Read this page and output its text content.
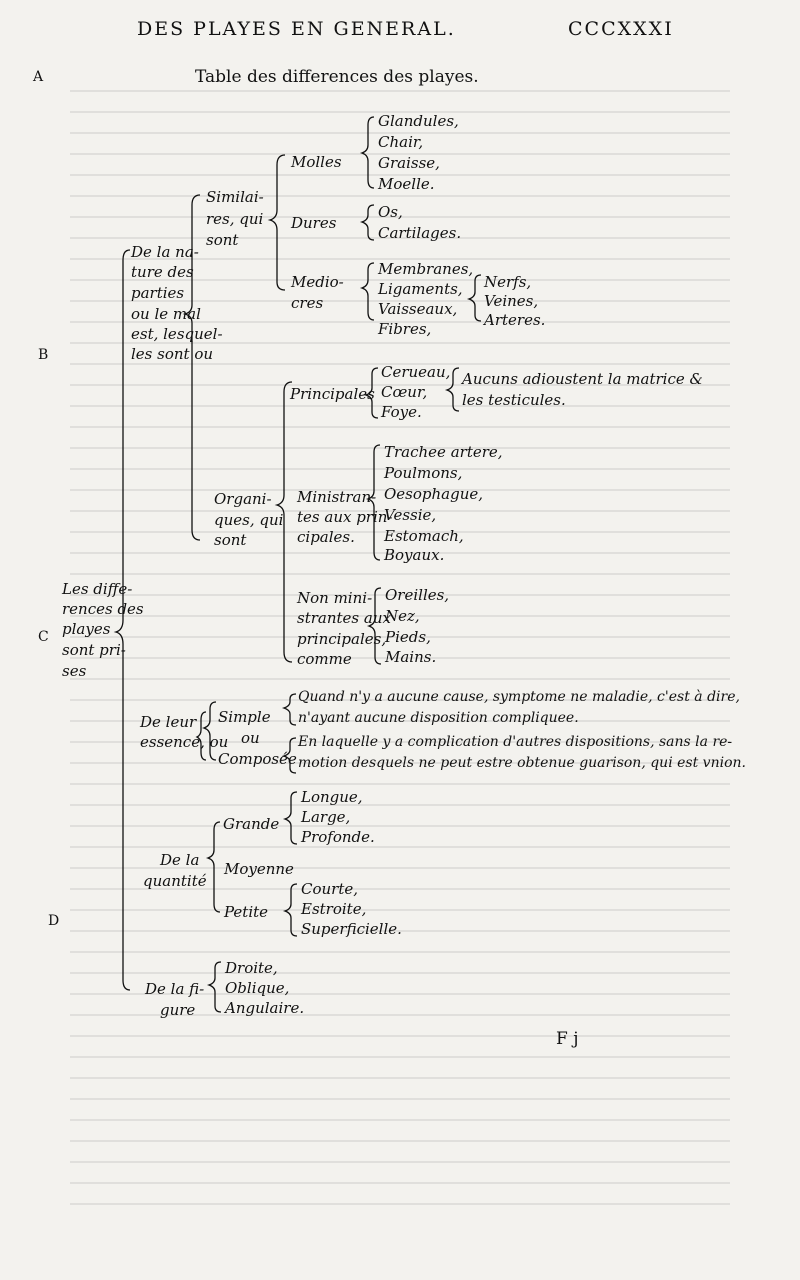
DES PLAYES EN GENERAL.	CCCXXXI
A
B
C
D
Table des differences des playes.
Les diffe-
rences des
playes
sont pri-
ses
De la na-
ture des
parties
ou le mal
est, lesquel-
les sont ou
Similai-
res, qui
sont
Molles
Glandules,
Chair,
Graisse,
Moelle.
Dures
Os,
Cartilages.
Medio-
cres
Membranes,
Ligaments,
Vaisseaux,
Fibres,
Nerfs,
Veines,
Arteres.
Organi-
ques, qui
sont
Principales
Cerueau,
Cœur,
Foye.
Aucuns adioustent la matrice &
les testicules.
Ministran-
tes aux prin-
cipales.
Trachee artere,
Poulmons,
Oesophague,
Vessie,
Estomach,
Boyaux.
Non mini-
strantes aux
principales,
comme
Oreilles,
Nez,
Pieds,
Mains.
De leur
essence, ou
Simple
ou
Composée
Quand n'y a aucune cause, symptome ne maladie, c'est à dire,
n'ayant aucune disposition compliquee.
En laquelle y a complication d'autres dispositions, sans la re-
motion desquels ne peut estre obtenue guarison, qui est vnion.
De la
quantité
Grande
Moyenne
Petite
Longue,
Large,
Profonde.
Courte,
Estroite,
Superficielle.
De la fi-
gure
Droite,
Oblique,
Angulaire.
F j
